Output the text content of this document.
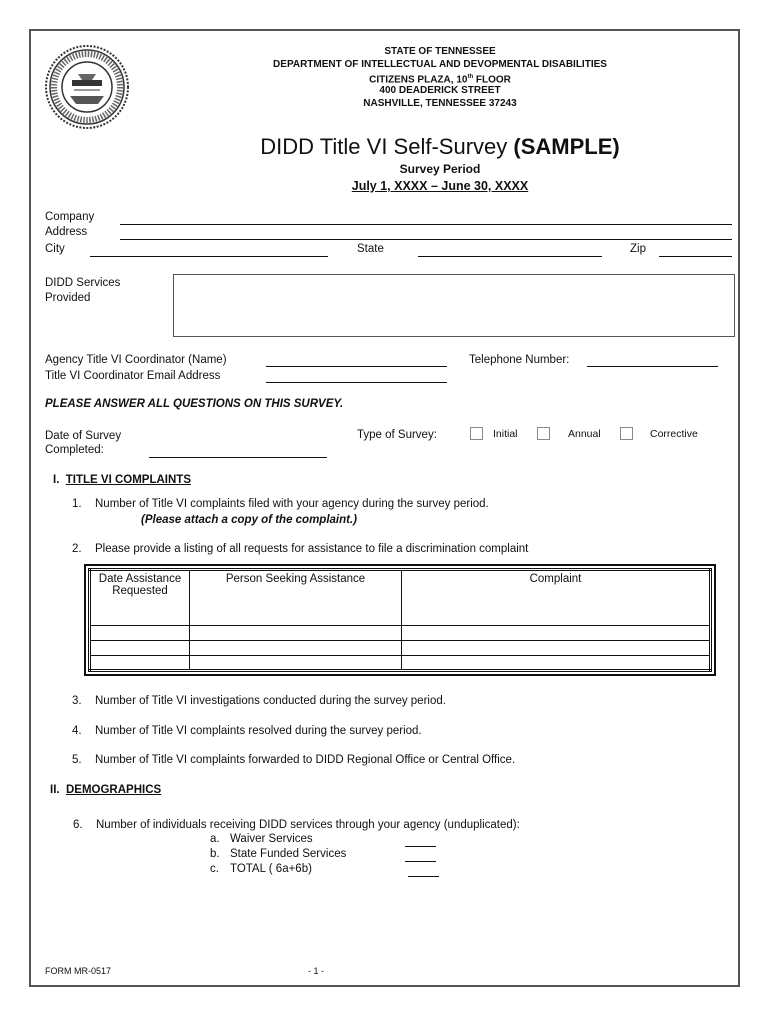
STATE OF TENNESSEE
DEPARTMENT OF INTELLECTUAL AND DEVOPMENTAL DISABILITIES
CITIZENS PLAZA, 10th FLOOR
400 DEADERICK STREET
NASHVILLE, TENNESSEE 37243
DIDD Title VI Self-Survey (SAMPLE)
Survey Period
July 1, XXXX – June 30, XXXX
Company
Address
City	State	Zip
DIDD Services
Provided
Agency Title VI Coordinator (Name)	Telephone Number:
Title VI Coordinator Email Address
PLEASE ANSWER ALL QUESTIONS ON THIS SURVEY.
Date of Survey
Completed:
Type of Survey:	Initial	Annual	Corrective
I. TITLE VI COMPLAINTS
1. Number of Title VI complaints filed with your agency during the survey period.
(Please attach a copy of the complaint.)
2. Please provide a listing of all requests for assistance to file a discrimination complaint
Date Assistance Requested	Person Seeking Assistance	Complaint

3. Number of Title VI investigations conducted during the survey period.
4. Number of Title VI complaints resolved during the survey period.
5. Number of Title VI complaints forwarded to DIDD Regional Office or Central Office.
II. DEMOGRAPHICS
6. Number of individuals receiving DIDD services through your agency (unduplicated):
a. Waiver Services
b. State Funded Services
c. TOTAL ( 6a+6b)
FORM MR-0517	- 1 -
